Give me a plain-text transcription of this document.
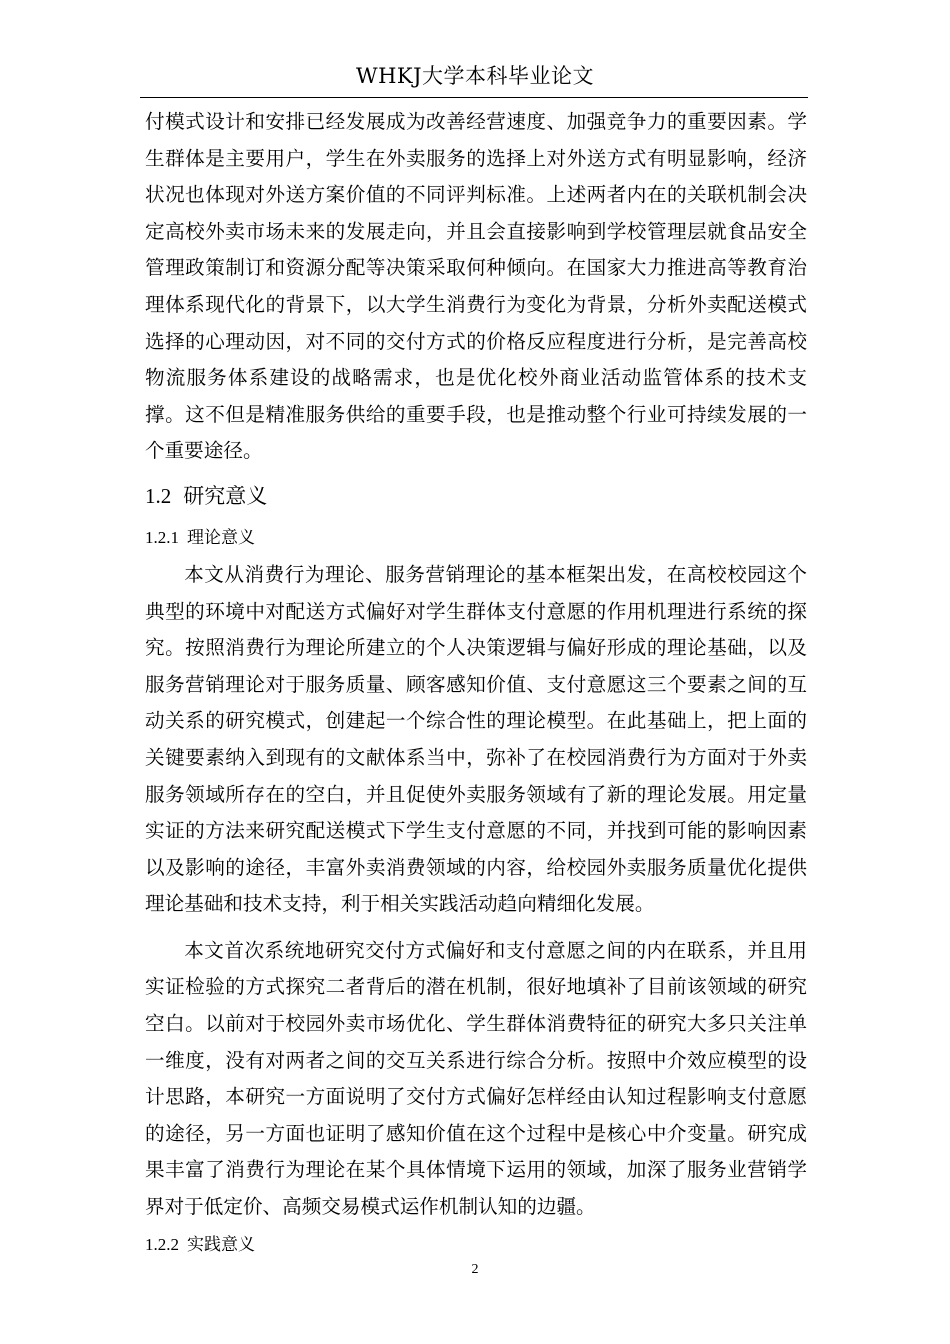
WHKJ大学本科毕业论文

付模式设计和安排已经发展成为改善经营速度、加强竞争力的重要因素。学生群体是主要用户，学生在外卖服务的选择上对外送方式有明显影响，经济状况也体现对外送方案价值的不同评判标准。上述两者内在的关联机制会决定高校外卖市场未来的发展走向，并且会直接影响到学校管理层就食品安全管理政策制订和资源分配等决策采取何种倾向。在国家大力推进高等教育治理体系现代化的背景下，以大学生消费行为变化为背景，分析外卖配送模式选择的心理动因，对不同的交付方式的价格反应程度进行分析，是完善高校物流服务体系建设的战略需求，也是优化校外商业活动监管体系的技术支撑。这不但是精准服务供给的重要手段，也是推动整个行业可持续发展的一个重要途径。

1.2 研究意义
1.2.1 理论意义

本文从消费行为理论、服务营销理论的基本框架出发，在高校校园这个典型的环境中对配送方式偏好对学生群体支付意愿的作用机理进行系统的探究。按照消费行为理论所建立的个人决策逻辑与偏好形成的理论基础，以及服务营销理论对于服务质量、顾客感知价值、支付意愿这三个要素之间的互动关系的研究模式，创建起一个综合性的理论模型。在此基础上，把上面的关键要素纳入到现有的文献体系当中，弥补了在校园消费行为方面对于外卖服务领域所存在的空白，并且促使外卖服务领域有了新的理论发展。用定量实证的方法来研究配送模式下学生支付意愿的不同，并找到可能的影响因素以及影响的途径，丰富外卖消费领域的内容，给校园外卖服务质量优化提供理论基础和技术支持，利于相关实践活动趋向精细化发展。

本文首次系统地研究交付方式偏好和支付意愿之间的内在联系，并且用实证检验的方式探究二者背后的潜在机制，很好地填补了目前该领域的研究空白。以前对于校园外卖市场优化、学生群体消费特征的研究大多只关注单一维度，没有对两者之间的交互关系进行综合分析。按照中介效应模型的设计思路，本研究一方面说明了交付方式偏好怎样经由认知过程影响支付意愿的途径，另一方面也证明了感知价值在这个过程中是核心中介变量。研究成果丰富了消费行为理论在某个具体情境下运用的领域，加深了服务业营销学界对于低定价、高频交易模式运作机制认知的边疆。

1.2.2 实践意义
2
